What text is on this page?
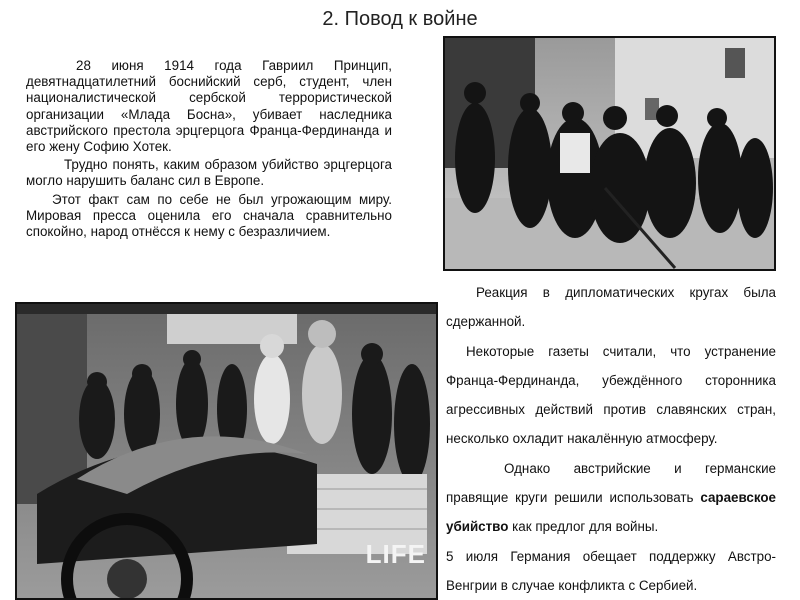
2. Повод к войне

28 июня 1914 года Гавриил Принцип, девятнадцатилетний боснийский серб, студент, член националистической сербской террористической организации «Млада Босна», убивает наследника австрийского престола эрцгерцога Франца-Фердинанда и его жену Софию Хотек.

Трудно понять, каким образом убийство эрцгерцога могло нарушить баланс сил в Европе.

Этот факт сам по себе не был угрожающим миру. Мировая пресса оценила его сначала сравнительно спокойно, народ отнёсся к нему с безразличием.

LIFE

Реакция в дипломатических кругах была сдержанной.

Некоторые газеты считали, что устранение Франца-Фердинанда, убеждённого сторонника агрессивных действий против славянских стран, несколько охладит накалённую атмосферу.

Однако австрийские и германские правящие круги решили использовать сараевское убийство как предлог для войны.

5 июля Германия обещает поддержку Австро-Венгрии в случае конфликта с Сербией.
